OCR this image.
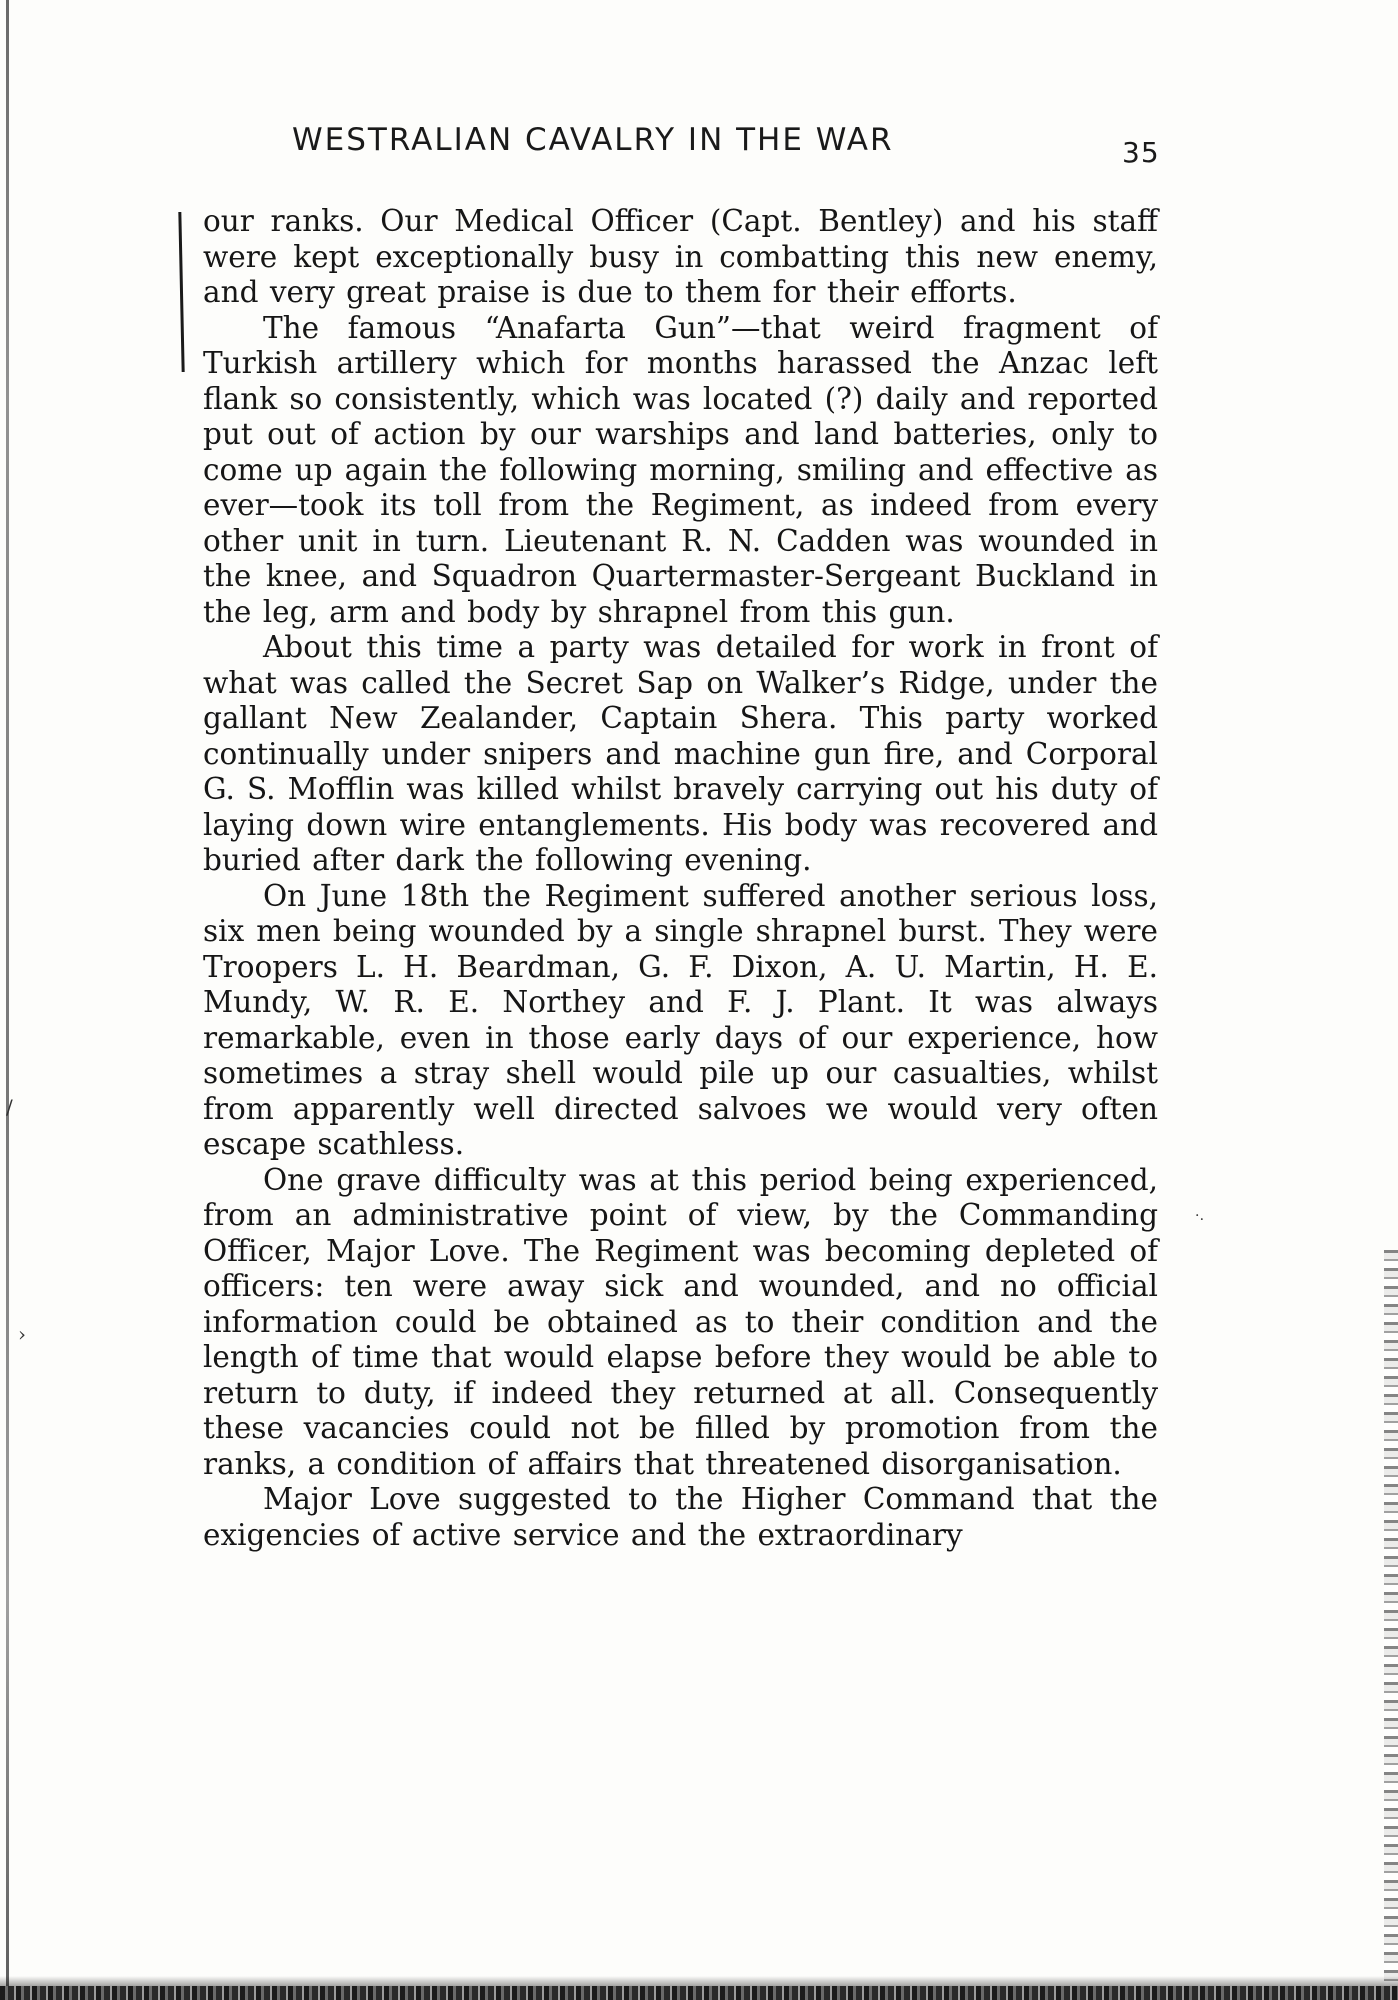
/
›
·․
WESTRALIAN CAVALRY IN THE WAR	35

our ranks. Our Medical Officer (Capt. Bentley) and his staff were kept exceptionally busy in combatting this new enemy, and very great praise is due to them for their efforts.

The famous “Anafarta Gun”—that weird fragment of Turkish artillery which for months harassed the Anzac left flank so consistently, which was located (?) daily and reported put out of action by our warships and land batteries, only to come up again the following morning, smiling and effective as ever—took its toll from the Regiment, as indeed from every other unit in turn. Lieutenant R. N. Cadden was wounded in the knee, and Squadron Quartermaster-Sergeant Buckland in the leg, arm and body by shrapnel from this gun.

About this time a party was detailed for work in front of what was called the Secret Sap on Walker’s Ridge, under the gallant New Zealander, Captain Shera. This party worked continually under snipers and machine gun fire, and Corporal G. S. Mofflin was killed whilst bravely carrying out his duty of laying down wire entanglements. His body was recovered and buried after dark the following evening.

On June 18th the Regiment suffered another serious loss, six men being wounded by a single shrapnel burst. They were Troopers L. H. Beardman, G. F. Dixon, A. U. Martin, H. E. Mundy, W. R. E. Northey and F. J. Plant. It was always remarkable, even in those early days of our experience, how sometimes a stray shell would pile up our casualties, whilst from apparently well directed salvoes we would very often escape scathless.

One grave difficulty was at this period being experienced, from an administrative point of view, by the Commanding Officer, Major Love. The Regiment was becoming depleted of officers: ten were away sick and wounded, and no official information could be obtained as to their condition and the length of time that would elapse before they would be able to return to duty, if indeed they returned at all. Consequently these vacancies could not be filled by promotion from the ranks, a condition of affairs that threatened disorganisation.

Major Love suggested to the Higher Command that the exigencies of active service and the extraordinary
